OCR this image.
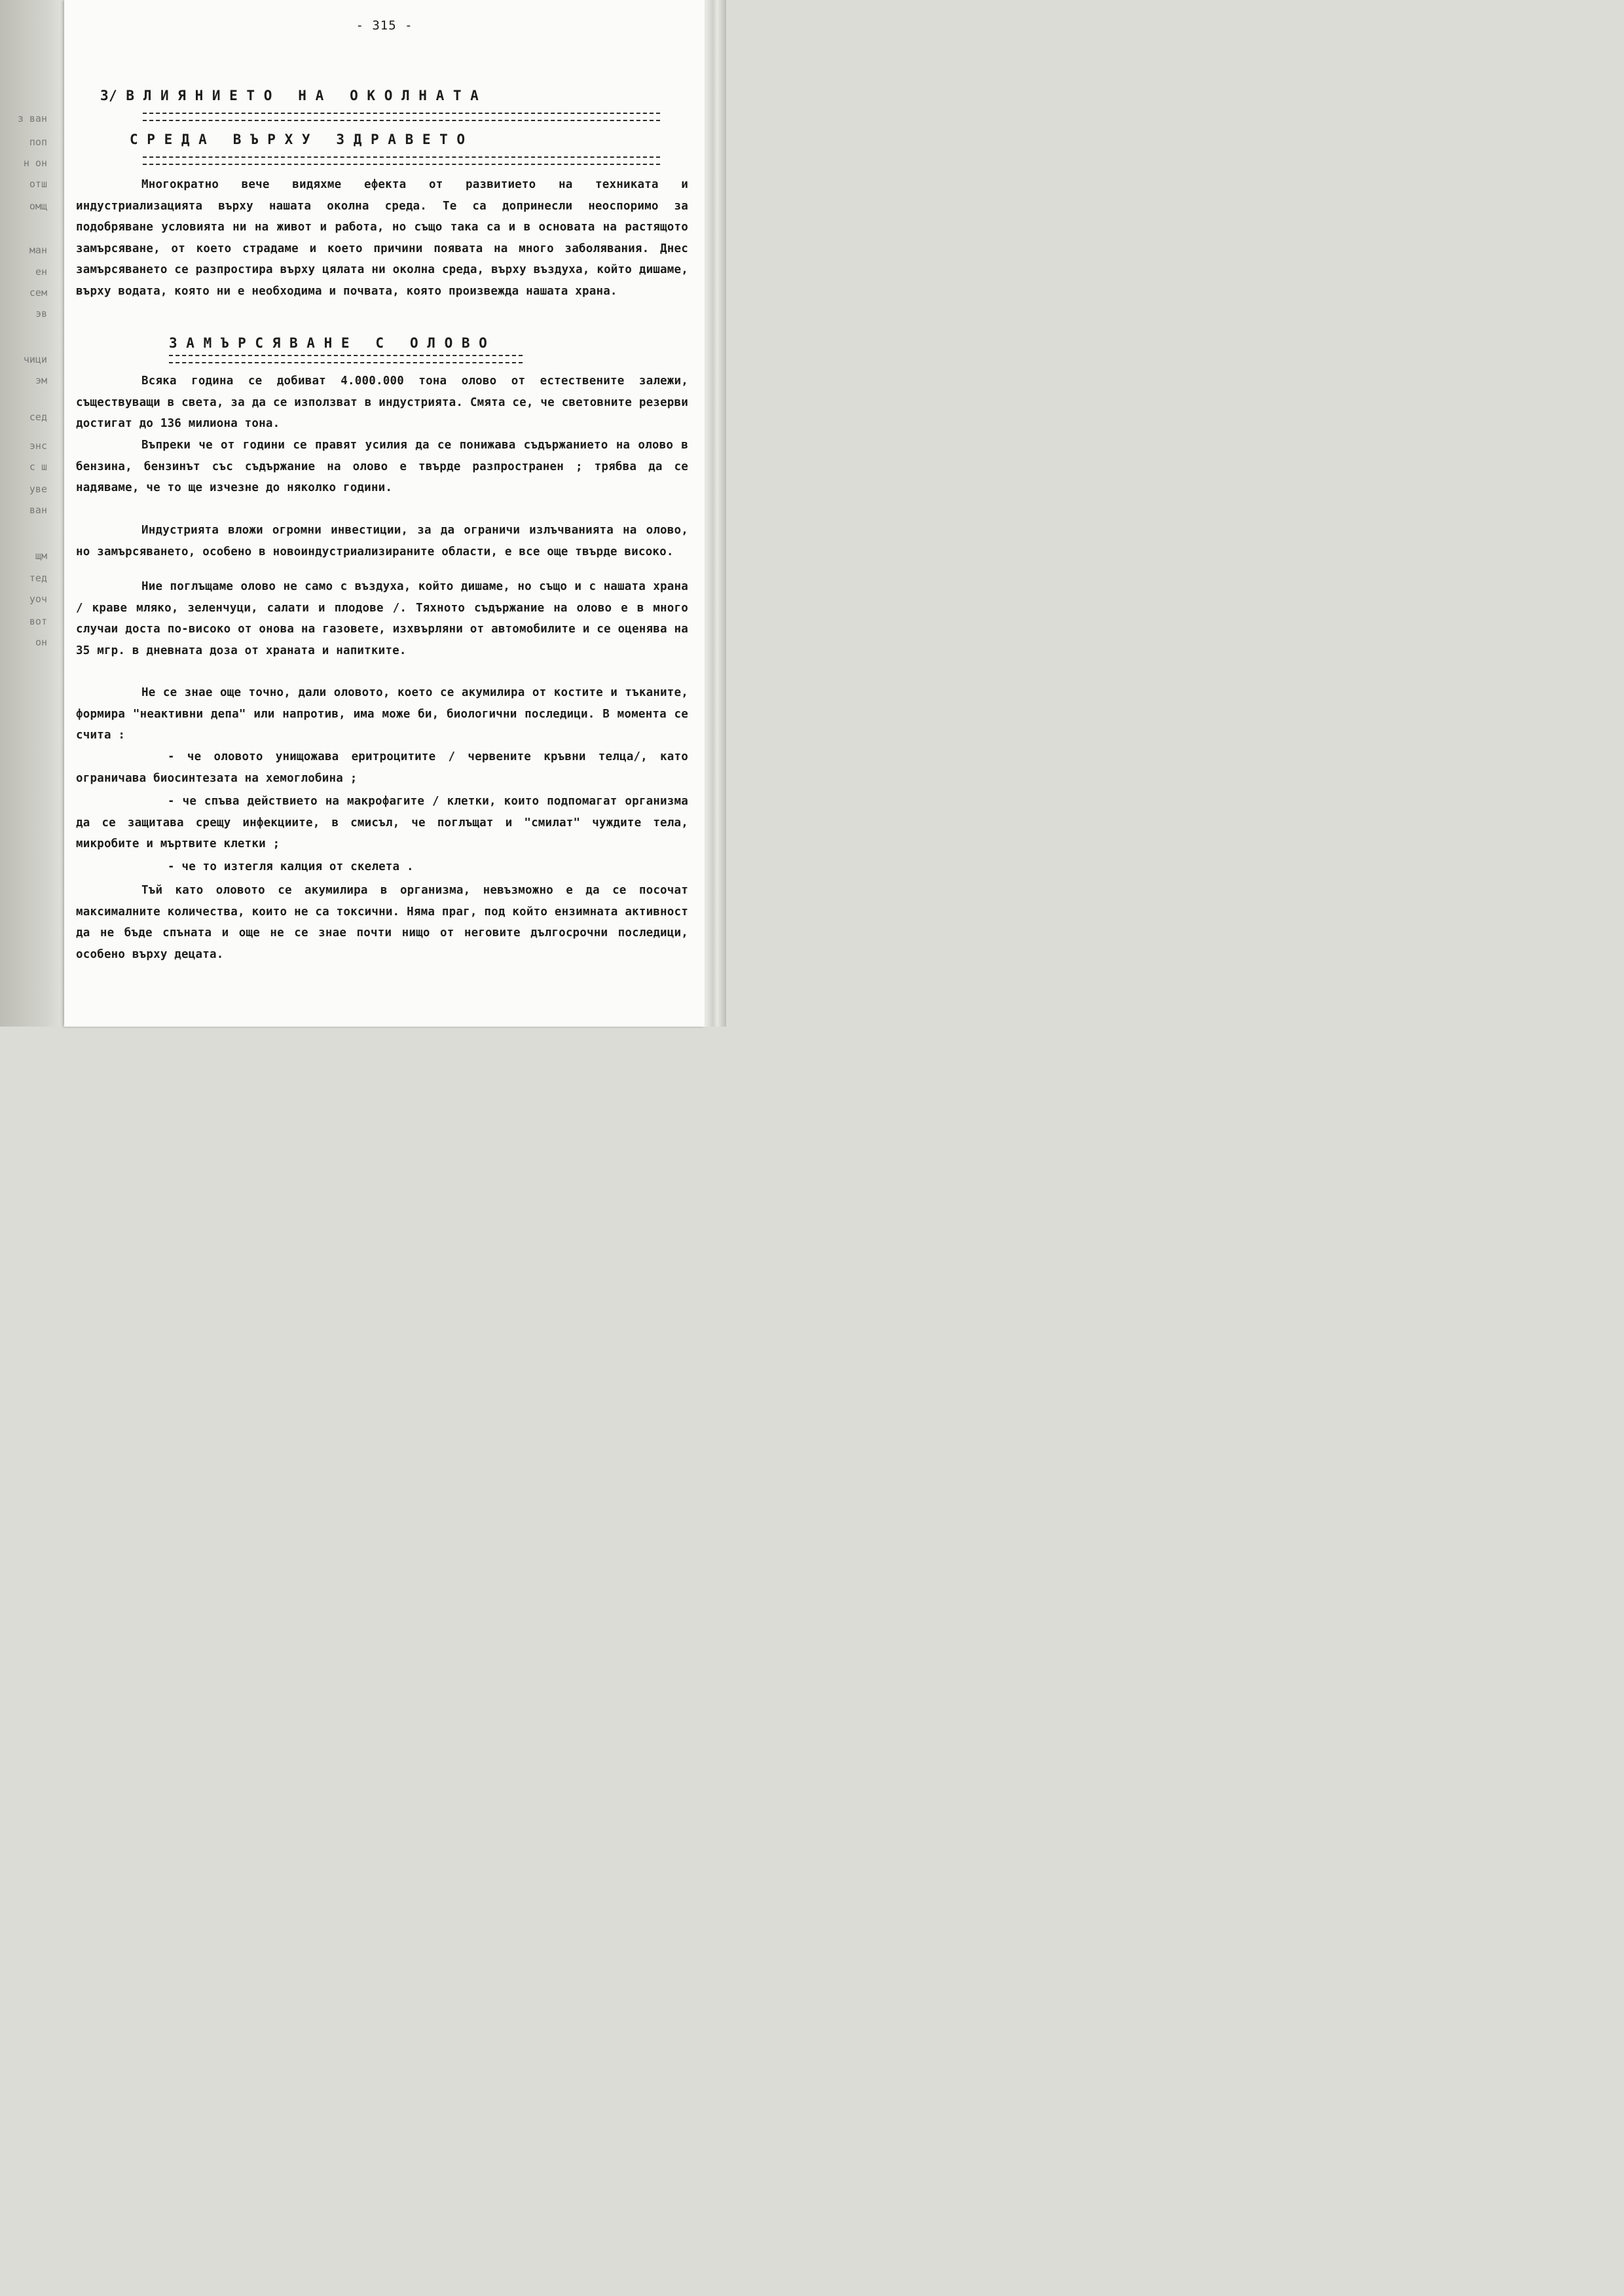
з ван
поп
н он
отш
омщ
ман
ен
сем
эв
чици
эм
сед
энс
с ш
уве
ван
щм
тед
уоч
вот
он
- 315 -
3/ В Л И Я Н И Е Т О   Н А   О К О Л Н А Т А
С Р Е Д А   В Ъ Р Х У   З Д Р А В Е Т О
Многократно вече видяхме ефекта от развитието на техниката и индустриализацията върху нашата околна среда. Те са допринесли неоспоримо за подобряване условията ни на живот и работа, но също така са и в основата на растящото замърсяване, от което страдаме и което причини появата на много заболявания. Днес замърсяването се разпростира върху цялата ни околна среда, върху въздуха, който дишаме, върху водата, която ни е необходима и почвата, която произвежда нашата храна.
З А М Ъ Р С Я В А Н Е   С   О Л О В О
Всяка година се добиват 4.000.000 тона олово от естествените залежи, съществуващи в света, за да се използват в индустрията. Смята се, че световните резерви достигат до 136 милиона тона.
Въпреки че от години се правят усилия да се понижава съдържанието на олово в бензина, бензинът със съдържание на олово е твърде разпространен ; трябва да се надяваме, че то ще изчезне до няколко години.
Индустрията вложи огромни инвестиции, за да ограничи излъчванията на олово, но замърсяването, особено в новоиндустриализираните области, е все още твърде високо.
Ние поглъщаме олово не само с въздуха, който дишаме, но също и с нашата храна / краве мляко, зеленчуци, салати и плодове /. Тяхното съдържание на олово е в много случаи доста по-високо от онова на газовете, изхвърляни от автомобилите и се оценява на 35 мгр. в дневната доза от храната и напитките.
Не се знае още точно, дали оловото, което се акумилира от костите и тъканите, формира "неактивни депа" или напротив, има може би, биологични последици. В момента се счита :
- че оловото унищожава еритроцитите / червените кръвни телца/, като ограничава биосинтезата на хемоглобина ;
- че спъва действието на макрофагите / клетки, които подпомагат организма да се защитава срещу инфекциите, в смисъл, че поглъщат и "смилат" чуждите тела, микробите и мъртвите клетки ;
- че то изтегля калция от скелета .
Тъй като оловото се акумилира в организма, невъзможно е да се посочат максималните количества, които не са токсични. Няма праг, под който ензимната активност да не бъде спъната и още не се знае почти нищо от неговите дългосрочни последици, особено върху децата.
